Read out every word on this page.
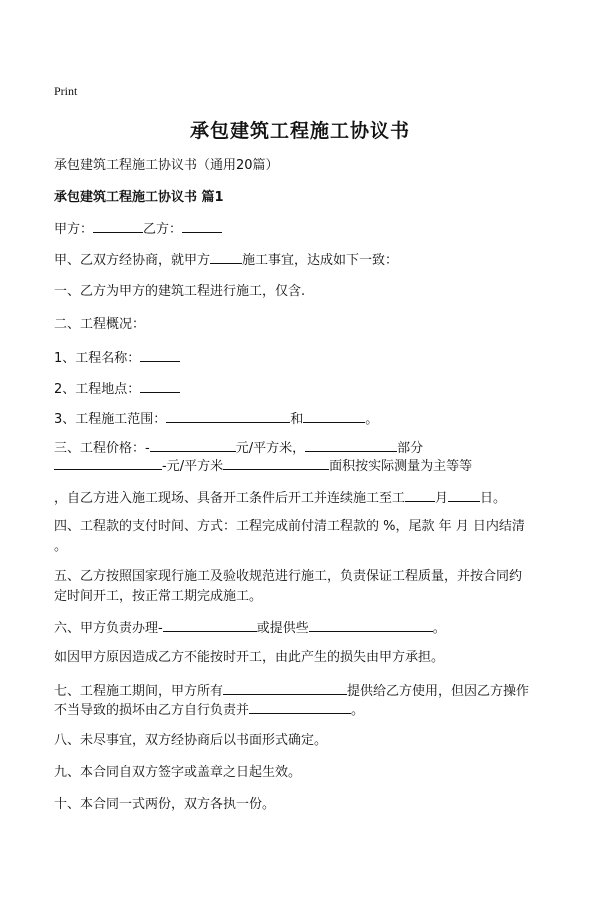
Print
承包建筑工程施工协议书
承包建筑工程施工协议书（通用20篇）
承包建筑工程施工协议书 篇1
甲方：	乙方：
甲、乙双方经协商，就甲方 施工事宜，达成如下一致：
一、乙方为甲方的建筑工程进行施工，仅含.
二、工程概况：
1、工程名称：
2、工程地点：
3、工程施工范围：	和	。
三、工程价格：-	元/平方米，	部分
-元/平方米	面积按实际测量为主等等
，自乙方进入施工现场、具备开工条件后开工并连续施工至工 月 日。
四、工程款的支付时间、方式：工程完成前付清工程款的 %，尾款 年 月 日内结清
。
五、乙方按照国家现行施工及验收规范进行施工，负责保证工程质量，并按合同约
定时间开工，按正常工期完成施工。
六、甲方负责办理-	或提供些	。
如因甲方原因造成乙方不能按时开工，由此产生的损失由甲方承担。
七、工程施工期间，甲方所有	提供给乙方使用，但因乙方操作
不当导致的损坏由乙方自行负责并	。
八、未尽事宜，双方经协商后以书面形式确定。
九、本合同自双方签字或盖章之日起生效。
十、本合同一式两份，双方各执一份。
